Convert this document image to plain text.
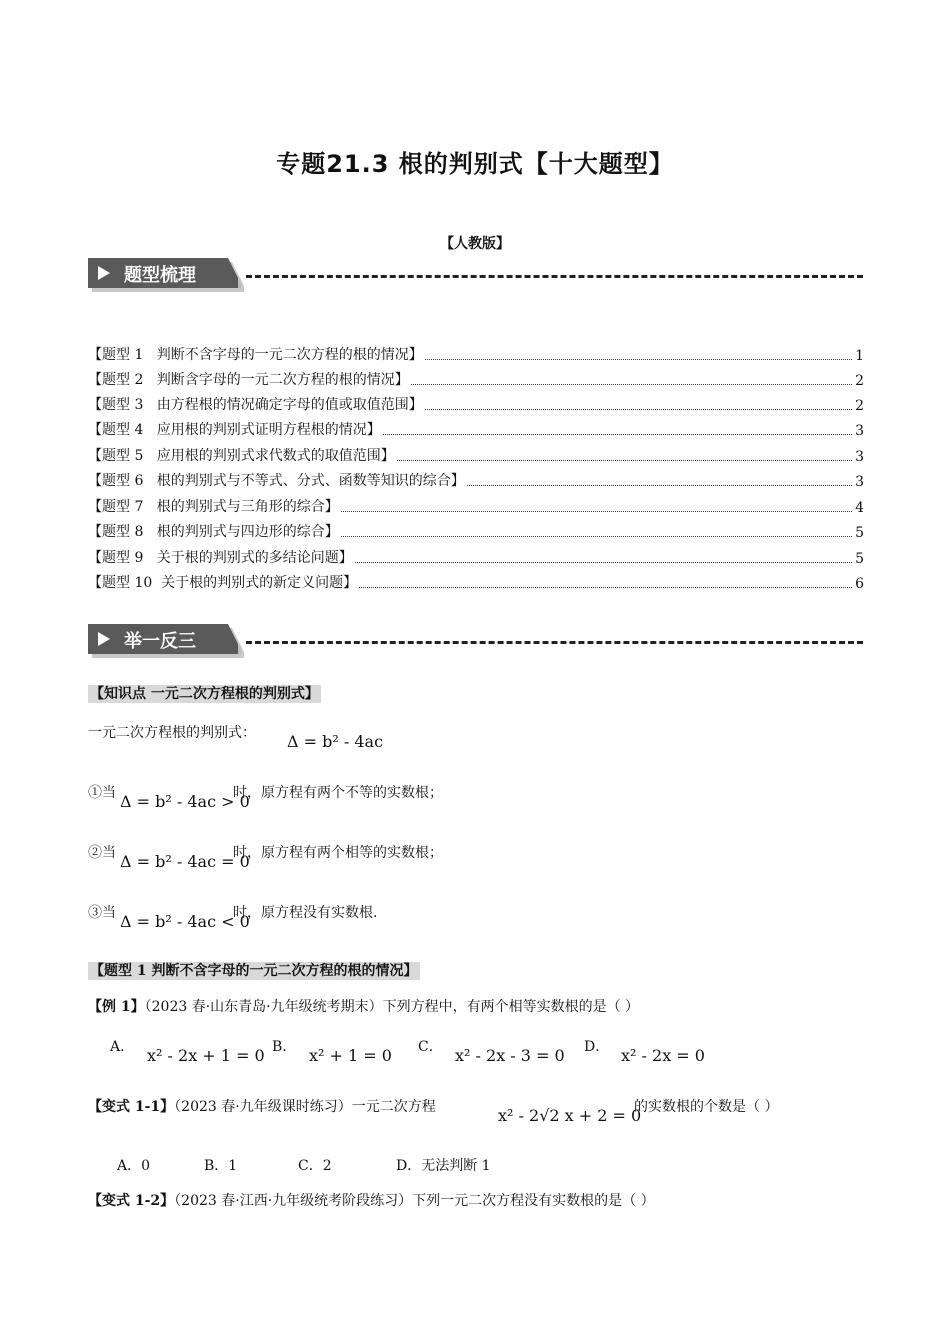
专题21.3 根的判别式【十大题型】
【人教版】
题型梳理
【题型 1   判断不含字母的一元二次方程的根的情况】	1
【题型 2   判断含字母的一元二次方程的根的情况】	2
【题型 3   由方程根的情况确定字母的值或取值范围】	2
【题型 4   应用根的判别式证明方程根的情况】	3
【题型 5   应用根的判别式求代数式的取值范围】	3
【题型 6   根的判别式与不等式、分式、函数等知识的综合】	3
【题型 7   根的判别式与三角形的综合】	4
【题型 8   根的判别式与四边形的综合】	5
【题型 9   关于根的判别式的多结论问题】	5
【题型 10  关于根的判别式的新定义问题】	6
举一反三
【知识点 一元二次方程根的判别式】
一元二次方程根的判别式： Δ = b² - 4ac
①当 Δ = b² - 4ac > 0
时，原方程有两个不等的实数根；
②当 Δ = b² - 4ac = 0
时，原方程有两个相等的实数根；
③当 Δ = b² - 4ac < 0
时，原方程没有实数根.
【题型 1 判断不含字母的一元二次方程的根的情况】
【例 1】（2023 春·山东青岛·九年级统考期末）下列方程中，有两个相等实数根的是（ ）
A． x² - 2x + 1 = 0 B． x² + 1 = 0 C． x² - 2x - 3 = 0 D． x² - 2x = 0
【变式 1-1】（2023 春·九年级课时练习）一元二次方程	x² - 2√2 x + 2 = 0
的实数根的个数是（ ）
A．0	B．1	C．2	D．无法判断 1
【变式 1-2】（2023 春·江西·九年级统考阶段练习）下列一元二次方程没有实数根的是（ ）
